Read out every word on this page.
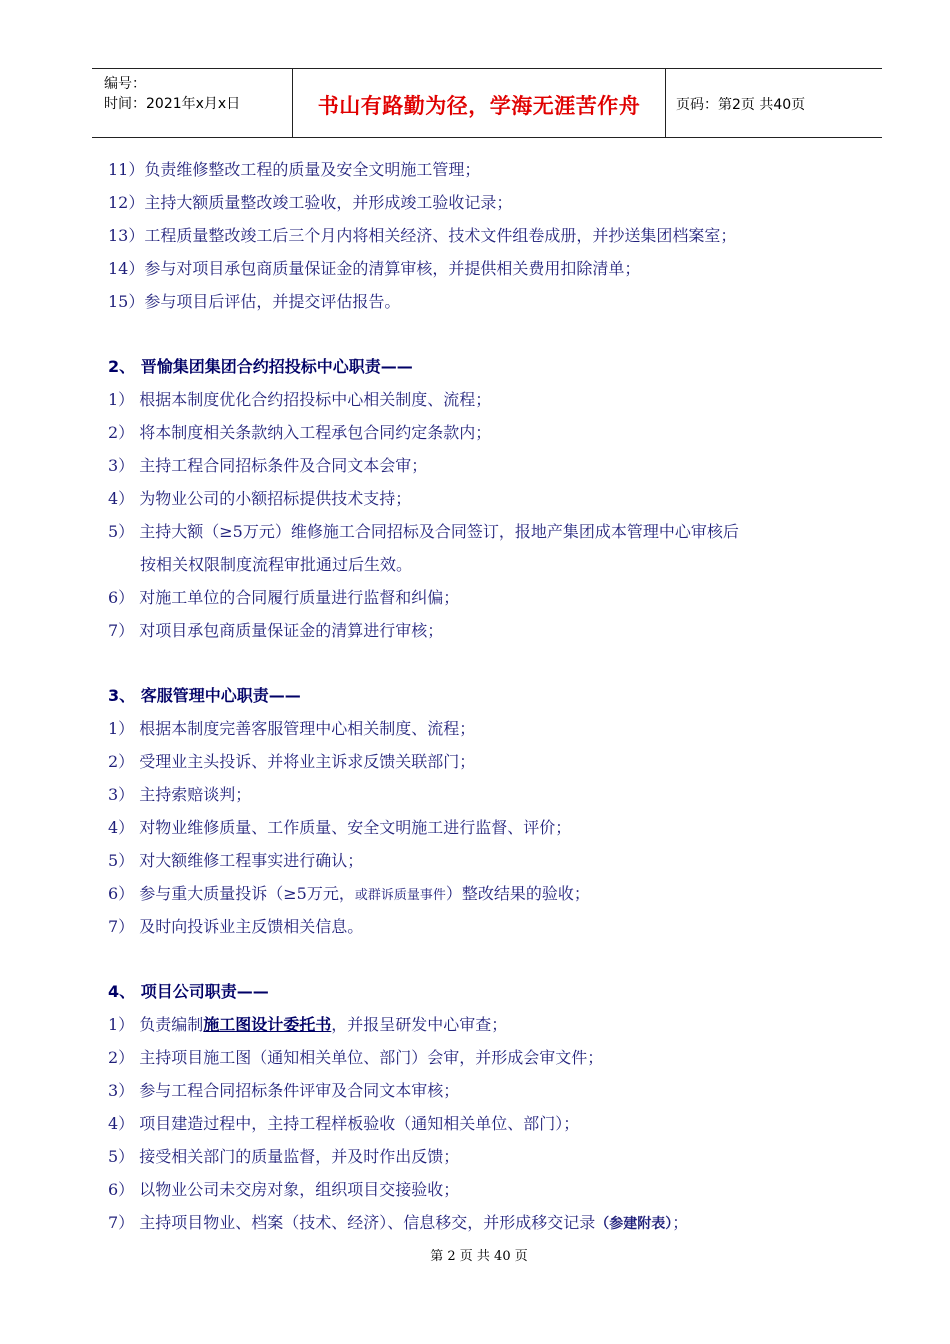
编号：
时间：2021年x月x日	书山有路勤为径，学海无涯苦作舟	页码：第2页 共40页
11）负责维修整改工程的质量及安全文明施工管理；
12）主持大额质量整改竣工验收，并形成竣工验收记录；
13）工程质量整改竣工后三个月内将相关经济、技术文件组卷成册，并抄送集团档案室；
14）参与对项目承包商质量保证金的清算审核，并提供相关费用扣除清单；
15）参与项目后评估，并提交评估报告。
2、 晋愉集团集团合约招投标中心职责——
1） 根据本制度优化合约招投标中心相关制度、流程；
2） 将本制度相关条款纳入工程承包合同约定条款内；
3） 主持工程合同招标条件及合同文本会审；
4） 为物业公司的小额招标提供技术支持；
5） 主持大额（≥5万元）维修施工合同招标及合同签订，报地产集团成本管理中心审核后
按相关权限制度流程审批通过后生效。
6） 对施工单位的合同履行质量进行监督和纠偏；
7） 对项目承包商质量保证金的清算进行审核；
3、 客服管理中心职责——
1） 根据本制度完善客服管理中心相关制度、流程；
2） 受理业主头投诉、并将业主诉求反馈关联部门；
3） 主持索赔谈判；
4） 对物业维修质量、工作质量、安全文明施工进行监督、评价；
5） 对大额维修工程事实进行确认；
6） 参与重大质量投诉（≥5万元，或群诉质量事件）整改结果的验收；
7） 及时向投诉业主反馈相关信息。
4、 项目公司职责——
1） 负责编制施工图设计委托书，并报呈研发中心审查；
2） 主持项目施工图（通知相关单位、部门）会审，并形成会审文件；
3） 参与工程合同招标条件评审及合同文本审核；
4） 项目建造过程中，主持工程样板验收（通知相关单位、部门）；
5） 接受相关部门的质量监督，并及时作出反馈；
6） 以物业公司未交房对象，组织项目交接验收；
7） 主持项目物业、档案（技术、经济）、信息移交，并形成移交记录（参建附表）；
第 2 页 共 40 页
